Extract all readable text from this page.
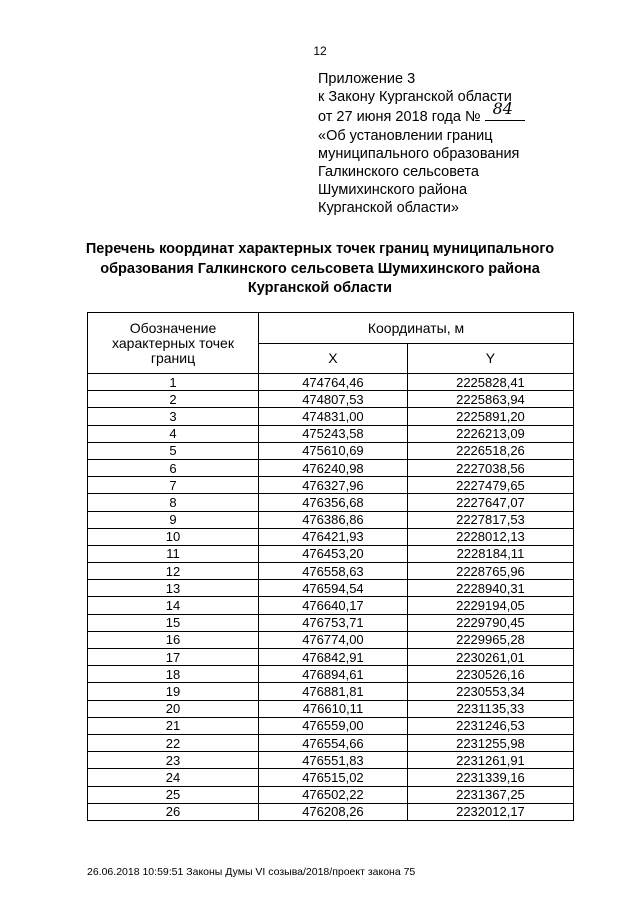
12
Приложение 3
к Закону Курганской области
от 27 июня 2018 года № 84
«Об установлении границ
муниципального образования
Галкинского сельсовета
Шумихинского района
Курганской области»
Перечень координат характерных точек границ муниципального
образования Галкинского сельсовета Шумихинского района
Курганской области
Обозначение характерных точек границ	Координаты, м	
	X	Y
1	474764,46	2225828,41
2	474807,53	2225863,94
3	474831,00	2225891,20
4	475243,58	2226213,09
5	475610,69	2226518,26
6	476240,98	2227038,56
7	476327,96	2227479,65
8	476356,68	2227647,07
9	476386,86	2227817,53
10	476421,93	2228012,13
11	476453,20	2228184,11
12	476558,63	2228765,96
13	476594,54	2228940,31
14	476640,17	2229194,05
15	476753,71	2229790,45
16	476774,00	2229965,28
17	476842,91	2230261,01
18	476894,61	2230526,16
19	476881,81	2230553,34
20	476610,11	2231135,33
21	476559,00	2231246,53
22	476554,66	2231255,98
23	476551,83	2231261,91
24	476515,02	2231339,16
25	476502,22	2231367,25
26	476208,26	2232012,17
26.06.2018 10:59:51 Законы Думы VI созыва/2018/проект закона 75
